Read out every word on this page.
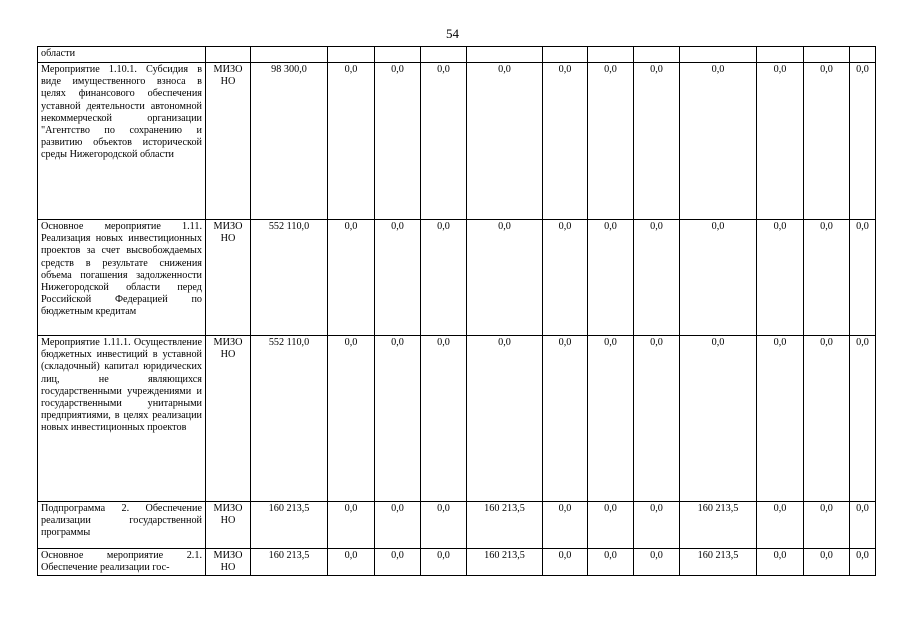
54
области													
Мероприятие 1.10.1. Субсидия в виде имущественного взноса в целях финансового обеспечения уставной деятельности автономной некоммерческой организации "Агентство по сохранению и развитию объектов исторической среды Нижегородской области	МИЗО НО	98 300,0	0,0	0,0	0,0	0,0	0,0	0,0	0,0	0,0	0,0	0,0	0,0
Основное мероприятие 1.11. Реализация новых инвестиционных проектов за счет высвобождаемых средств в результате снижения объема погашения задолженности Нижегородской области перед Российской Федерацией по бюджетным кредитам	МИЗО НО	552 110,0	0,0	0,0	0,0	0,0	0,0	0,0	0,0	0,0	0,0	0,0	0,0
Мероприятие 1.11.1. Осуществление бюджетных инвестиций в уставной (складочный) капитал юридических лиц, не являющихся государственными учреждениями и государственными унитарными предприятиями, в целях реализации новых инвестиционных проектов	МИЗО НО	552 110,0	0,0	0,0	0,0	0,0	0,0	0,0	0,0	0,0	0,0	0,0	0,0
Подпрограмма 2. Обеспечение реализации государственной программы	МИЗО НО	160 213,5	0,0	0,0	0,0	160 213,5	0,0	0,0	0,0	160 213,5	0,0	0,0	0,0
Основное мероприятие 2.1. Обеспечение реализации гос-	МИЗО НО	160 213,5	0,0	0,0	0,0	160 213,5	0,0	0,0	0,0	160 213,5	0,0	0,0	0,0
